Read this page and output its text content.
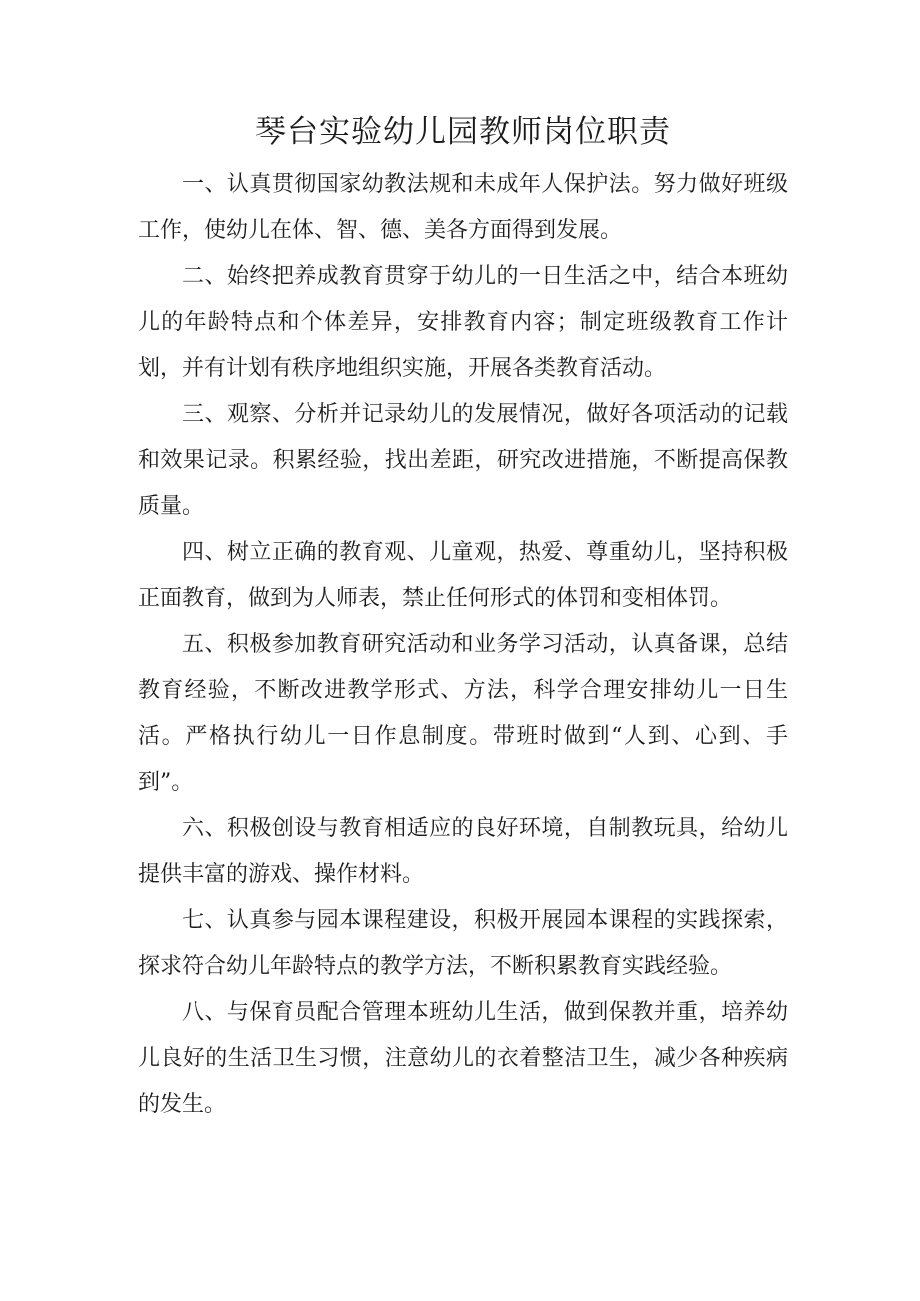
琴台实验幼儿园教师岗位职责

一、认真贯彻国家幼教法规和未成年人保护法。努力做好班级工作，使幼儿在体、智、德、美各方面得到发展。

二、始终把养成教育贯穿于幼儿的一日生活之中，结合本班幼儿的年龄特点和个体差异，安排教育内容；制定班级教育工作计划，并有计划有秩序地组织实施，开展各类教育活动。

三、观察、分析并记录幼儿的发展情况，做好各项活动的记载和效果记录。积累经验，找出差距，研究改进措施，不断提高保教质量。

四、树立正确的教育观、儿童观，热爱、尊重幼儿，坚持积极正面教育，做到为人师表，禁止任何形式的体罚和变相体罚。

五、积极参加教育研究活动和业务学习活动，认真备课，总结教育经验，不断改进教学形式、方法，科学合理安排幼儿一日生活。严格执行幼儿一日作息制度。带班时做到“人到、心到、手到”。

六、积极创设与教育相适应的良好环境，自制教玩具，给幼儿提供丰富的游戏、操作材料。

七、认真参与园本课程建设，积极开展园本课程的实践探索，探求符合幼儿年龄特点的教学方法，不断积累教育实践经验。

八、与保育员配合管理本班幼儿生活，做到保教并重，培养幼儿良好的生活卫生习惯，注意幼儿的衣着整洁卫生，减少各种疾病的发生。
